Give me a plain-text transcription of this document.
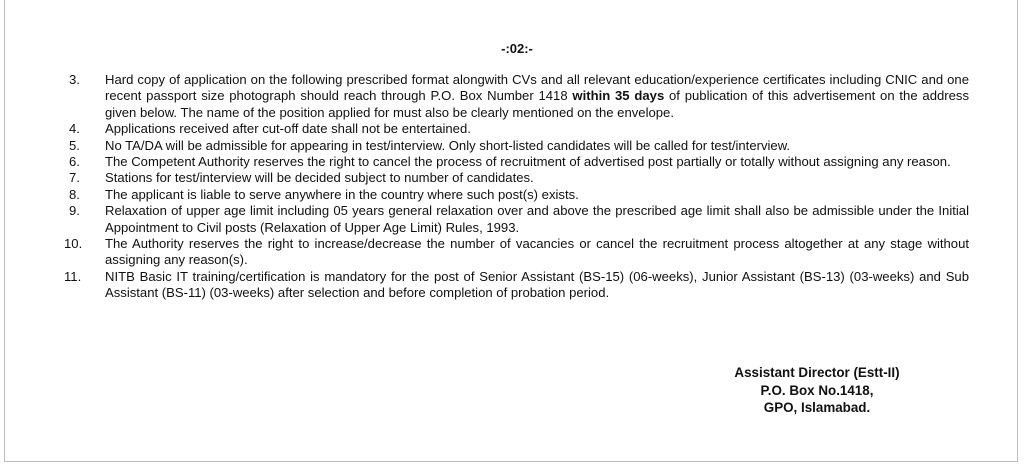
-:02:-
3.	Hard copy of application on the following prescribed format alongwith CVs and all relevant education/experience certificates including CNIC and one recent passport size photograph should reach through P.O. Box Number 1418 within 35 days of publication of this advertisement on the address given below. The name of the position applied for must also be clearly mentioned on the envelope.
4.	Applications received after cut-off date shall not be entertained.
5.	No TA/DA will be admissible for appearing in test/interview. Only short-listed candidates will be called for test/interview.
6.	The Competent Authority reserves the right to cancel the process of recruitment of advertised post partially or totally without assigning any reason.
7.	Stations for test/interview will be decided subject to number of candidates.
8.	The applicant is liable to serve anywhere in the country where such post(s) exists.
9.	Relaxation of upper age limit including 05 years general relaxation over and above the prescribed age limit shall also be admissible under the Initial Appointment to Civil posts (Relaxation of Upper Age Limit) Rules, 1993.
10.	The Authority reserves the right to increase/decrease the number of vacancies or cancel the recruitment process altogether at any stage without assigning any reason(s).
11.	NITB Basic IT training/certification is mandatory for the post of Senior Assistant (BS-15) (06-weeks), Junior Assistant (BS-13) (03-weeks) and Sub Assistant (BS-11) (03-weeks) after selection and before completion of probation period.
Assistant Director (Estt-II)
P.O. Box No.1418,
GPO, Islamabad.
